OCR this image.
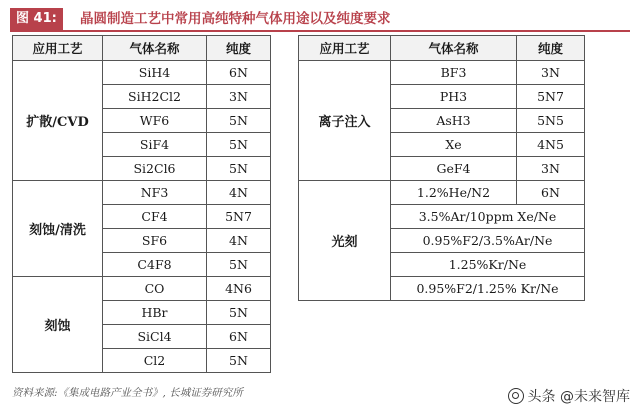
图 41:	晶圆制造工艺中常用高纯特种气体用途以及纯度要求
应用工艺	气体名称	纯度
扩散/CVD	SiH4	6N
	SiH2Cl2	3N
	WF6	5N
	SiF4	5N
	Si2Cl6	5N
刻蚀/清洗	NF3	4N
	CF4	5N7
	SF6	4N
	C4F8	5N
刻蚀	CO	4N6
	HBr	5N
	SiCl4	6N
	Cl2	5N
应用工艺	气体名称	纯度
离子注入	BF3	3N
	PH3	5N7
	AsH3	5N5
	Xe	4N5
	GeF4	3N
光刻	1.2%He/N2	6N
	3.5%Ar/10ppm Xe/Ne	
	0.95%F2/3.5%Ar/Ne	
	1.25%Kr/Ne	
	0.95%F2/1.25% Kr/Ne	
资料来源:《集成电路产业全书》, 长城证券研究所	头条 @未来智库
